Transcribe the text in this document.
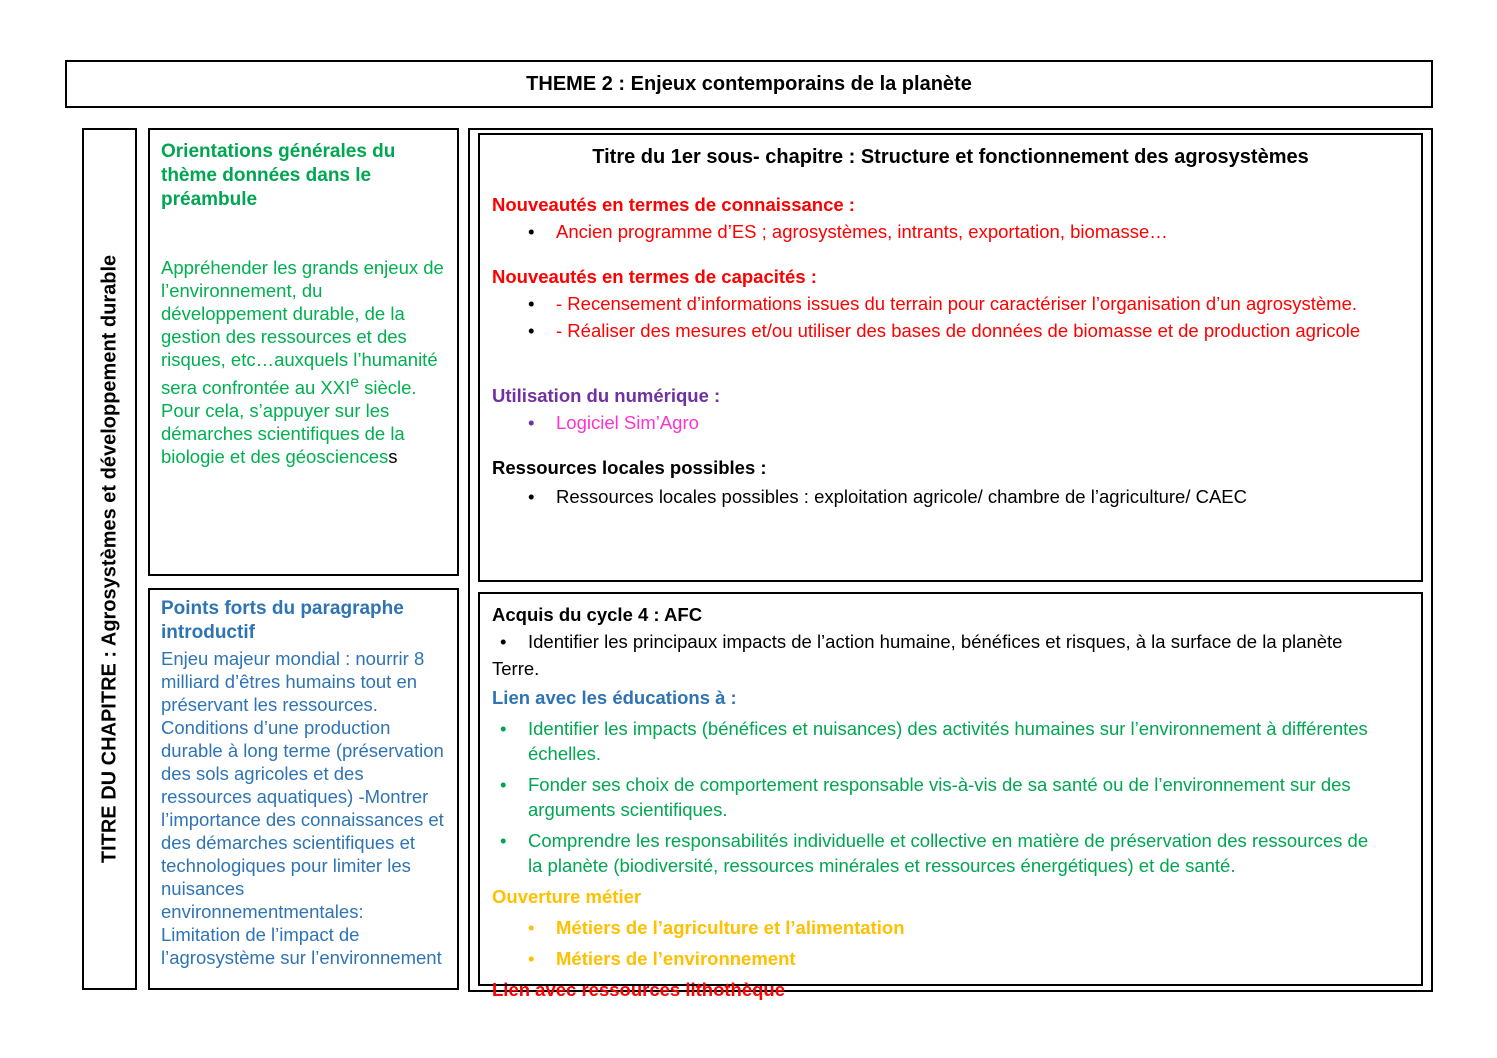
THEME 2 : Enjeux contemporains de la planète
TITRE DU CHAPITRE : Agrosystèmes et développement durable
Orientations générales du thème données dans le préambule
Appréhender les grands enjeux de l’environnement, du développement durable, de la gestion des ressources et des risques, etc…auxquels l’humanité sera confrontée au XXIe siècle. Pour cela, s’appuyer sur les démarches scientifiques de la biologie et des géosciencess
Points forts du paragraphe introductif
Enjeu majeur mondial : nourrir 8 milliard d’êtres humains tout en préservant les ressources. Conditions d’une production durable à long terme (préservation des sols agricoles et des ressources aquatiques) -Montrer l’importance des connaissances et des démarches scientifiques et technologiques pour limiter les nuisances environnementmentales: Limitation de l’impact de l’agrosystème sur l’environnement
Titre du 1er sous- chapitre : Structure et fonctionnement des agrosystèmes
Nouveautés en termes de connaissance :
•	Ancien programme d’ES ; agrosystèmes, intrants, exportation, biomasse…
Nouveautés en termes de capacités :
•	- Recensement d’informations issues du terrain pour caractériser l’organisation d’un agrosystème.
•	- Réaliser des mesures et/ou utiliser des bases de données de biomasse et de production agricole
Utilisation du numérique :
•	Logiciel Sim’Agro
Ressources locales possibles :
•	Ressources locales possibles : exploitation agricole/ chambre de l’agriculture/ CAEC
Acquis du cycle 4 : AFC
•	Identifier les principaux impacts de l’action humaine, bénéfices et risques, à la surface de la planète
Terre.
Lien avec les éducations à :
•	Identifier les impacts (bénéfices et nuisances) des activités humaines sur l’environnement à différentes échelles.
•	Fonder ses choix de comportement responsable vis-à-vis de sa santé ou de l’environnement sur des arguments scientifiques.
•	Comprendre les responsabilités individuelle et collective en matière de préservation des ressources de la planète (biodiversité, ressources minérales et ressources énergétiques) et de santé.
Ouverture métier
•	Métiers de l’agriculture et l’alimentation
•	Métiers de l’environnement
Lien avec ressources lithothèque
